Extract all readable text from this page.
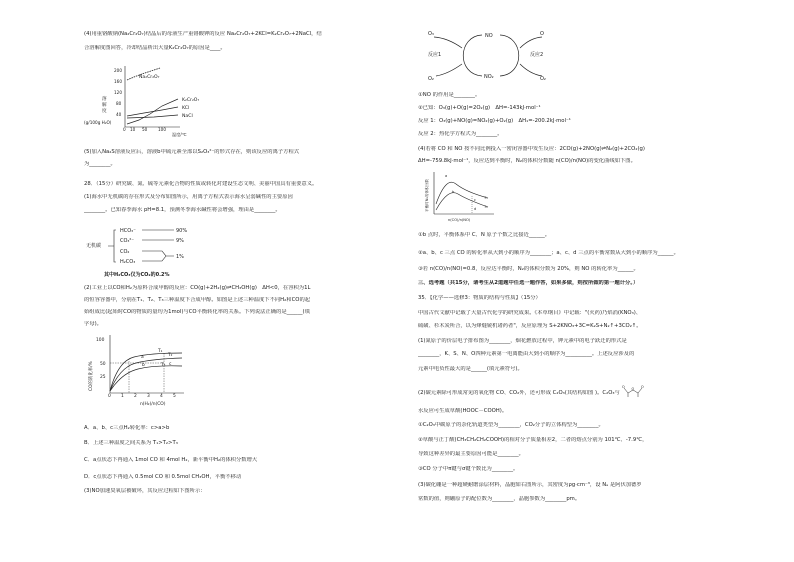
(4)用重铬酸钠(Na₂Cr₂O₇)结晶后的母液生产重铬酸钾的反应 Na₂Cr₂O₇+2KCl=K₂Cr₂O₇+2NaCl，结
合溶解度图回答，冷却结晶析出大量K₂Cr₂O₇的原因是____。
溶
解
度
(g/100g H₂O)
200
160
120
80
40
0 10 50	100
温度/℃
Na₂Cr₂O₇
K₂Cr₂O₇
KCl
NaCl
(5)加入Na₂S溶液反应后，溶液b中硫元素全部以S₂O₃²⁻的形式存在，则该反应的离子方程式
为________。
28．（15分）研究碳、氮、硫等元素化合物的性质或转化对建设生态文明、美丽中国具有重要意义。
(1)海水中无机碳的存在形式及分布如图所示，用离子方程式表示海水呈弱碱性的主要原因
________。已知春季海水 pH=8.1，预测冬季海水碱性将会增强，理由是________。
无机碳
HCO₃⁻
CO₃²⁻
CO₂
H₂CO₃
90%
9%
1%
其中H₂CO₃仅为CO₂的0.2%
(2)工业上以CO和H₂为原料合成甲醇的反应：CO(g)+2H₂(g)⇌CH₃OH(g)　ΔH<0，在容积为1L
的恒容容器中，分别在T₁、T₂、T₃三种温度下合成甲醇。如图是上述三种温度下不同H₂和CO的起
始组成比(起始时CO的物质的量均为1mol)与CO平衡转化率的关系。下列说法正确的是______(填
字母)。
CO的转化率/%
100
50
25
0 1 2 3 4 5
n(H₂)/n(CO)
T₁
T₂
T₃
a
b	c
A．a、b、c三点H₂转化率：c>a>b
B．上述三种温度之间关系为 T₁>T₂>T₃
C．a点状态下再通入 1mol CO 和 4mol H₂，新平衡中H₂的体积分数增大
D．c点状态下再通入 0.5mol CO 和 0.5mol CH₃OH，平衡不移动
(3)NO加速臭氧层被破坏，其反应过程如下图所示：
O₃
反应1
O₂
NO
NO₂
O
反应2
O₂
①NO 的作用是________。
②已知：O₃(g)+O(g)=2O₂(g)　ΔH=-143kJ·mol⁻¹
反应 1：O₃(g)+NO(g)=NO₂(g)+O₂(g)　ΔH₁=-200.2kJ·mol⁻¹
反应 2：热化学方程式为________。
(4)若将 CO 和 NO 按不同比例投入一密闭容器中发生反应：2CO(g)+2NO(g)⇌N₂(g)+2CO₂(g)
ΔH=-759.8kJ·mol⁻¹，反应达到平衡时，N₂的体积分数随 n(CO)/n(NO)的变化曲线如下图。
平衡时N₂的体积分数
n(CO)/n(NO)
a
b
c
d
T₁
T₂
①b 点时，平衡体系中 C、N 原子个数之比接近______。
②a、b、c 三点 CO 的转化率从大到小的顺序为________；a、c、d 三点的平衡常数从大到小的顺序为______。
③若 n(CO)/n(NO)=0.8，反应达平衡时，N₂的体积分数为 20%，则 NO 的转化率为______。
三、选考题（共15分，请考生从2道题中任选一题作答，如果多做，则按所做的第一题计分。）
35．【化学——选修3：物质的结构与性质】（15分）
中国古代文献中记载了大量古代化学的研究成果。《本草纲目》中记载："(火药)乃焰消(KNO₃)、
硫磺、杉木炭所合，以为烽燧铳机诸药者"，反应原理为 S+2KNO₃+3C=K₂S+N₂↑+3CO₂↑。
(1)氮原子的价层电子排布图为________，烟花燃放过程中，钾元素中的电子跃迁的形式是
________，K、S、N、O四种元素第一电离能由大到小的顺序为__________。上述反应涉及的
元素中电负性最大的是______(填元素符号)。
(2)碳元素除可形成常见的氧化物 CO、CO₂外，还可形成 C₂O₃(其结构如图 )。C₂O₃与
O	O
O
水反应可生成草酸(HOOC－COOH)。
①C₂O₃中碳原子的杂化轨道类型为________，CO₂分子的立体构型为________。
②草酸与正丁酸(CH₃CH₂CH₂COOH)的相对分子质量相差2，二者的熔点分别为 101℃、-7.9℃，
导致这种差异的最主要原因可能是________。
③CO 分子中π键与σ键个数比为________。
(3)碳化硼是一种超硬耐磨涂层材料，晶胞如右图所示，其密度为ρg·cm⁻³，设 Nₐ 是阿伏加德罗
常数的值，则硼原子的配位数为________，晶胞参数为________pm。
